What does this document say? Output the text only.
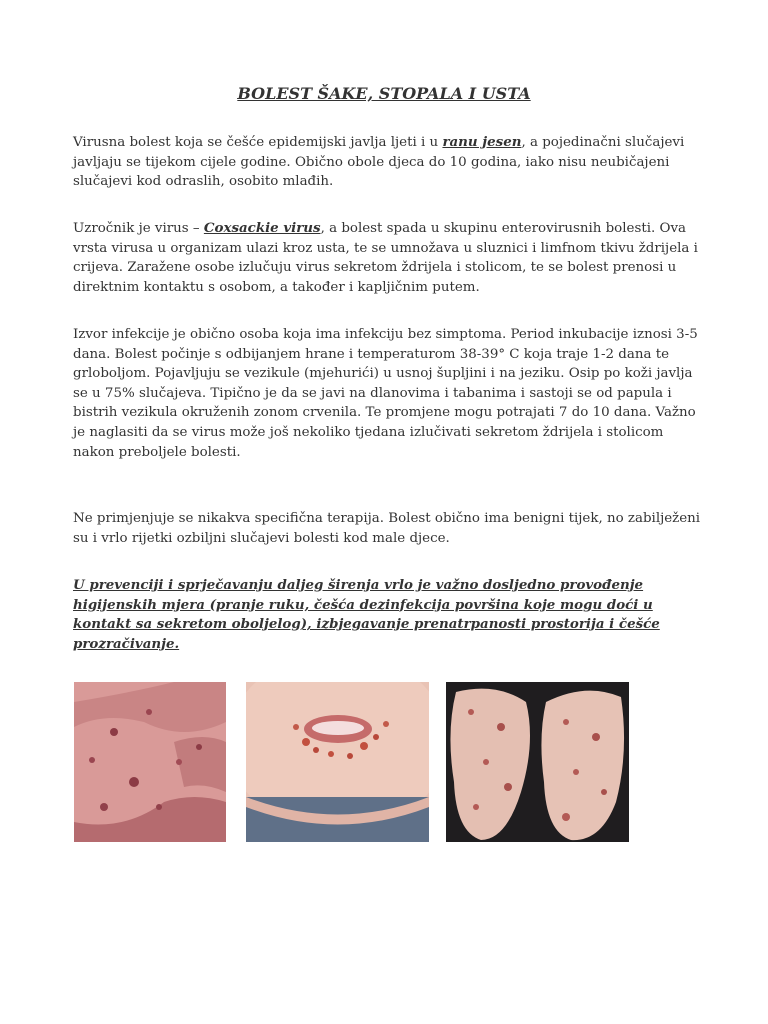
BOLEST ŠAKE, STOPALA I USTA

Virusna bolest koja se češće epidemijski javlja ljeti i u ranu jesen, a pojedinačni slučajevi javljaju se tijekom cijele godine. Obično obole djeca do 10 godina, iako nisu neubičajeni slučajevi kod odraslih, osobito mlađih.

Uzročnik je virus – Coxsackie virus, a bolest spada u skupinu enterovirusnih bolesti. Ova vrsta virusa u organizam ulazi kroz usta, te se umnožava u sluznici i limfnom tkivu ždrijela i crijeva. Zaražene osobe izlučuju virus sekretom ždrijela i stolicom, te se bolest prenosi u direktnim kontaktu s osobom, a također i kapljičnim putem.

Izvor infekcije je obično osoba koja ima infekciju bez simptoma. Period inkubacije iznosi 3-5 dana. Bolest počinje s odbijanjem hrane i temperaturom 38-39° C koja traje 1-2 dana te grloboljom. Pojavljuju se vezikule (mjehurići) u usnoj šupljini i na jeziku. Osip po koži javlja se u 75% slučajeva. Tipično je da se javi na dlanovima i tabanima i sastoji se od papula i bistrih vezikula okruženih zonom crvenila. Te promjene mogu potrajati 7 do 10 dana. Važno je naglasiti da se virus može još nekoliko tjedana izlučivati sekretom ždrijela i stolicom nakon preboljele bolesti.

Ne primjenjuje se nikakva specifična terapija. Bolest obično ima benigni tijek, no zabilježeni su i vrlo rijetki ozbiljni slučajevi bolesti kod male djece.

U prevenciji i sprječavanju daljeg širenja vrlo je važno dosljedno provođenje higijenskih mjera (pranje ruku, češća dezinfekcija površina koje mogu doći u kontakt sa sekretom oboljelog), izbjegavanje prenatrpanosti prostorija i češće prozračivanje.
